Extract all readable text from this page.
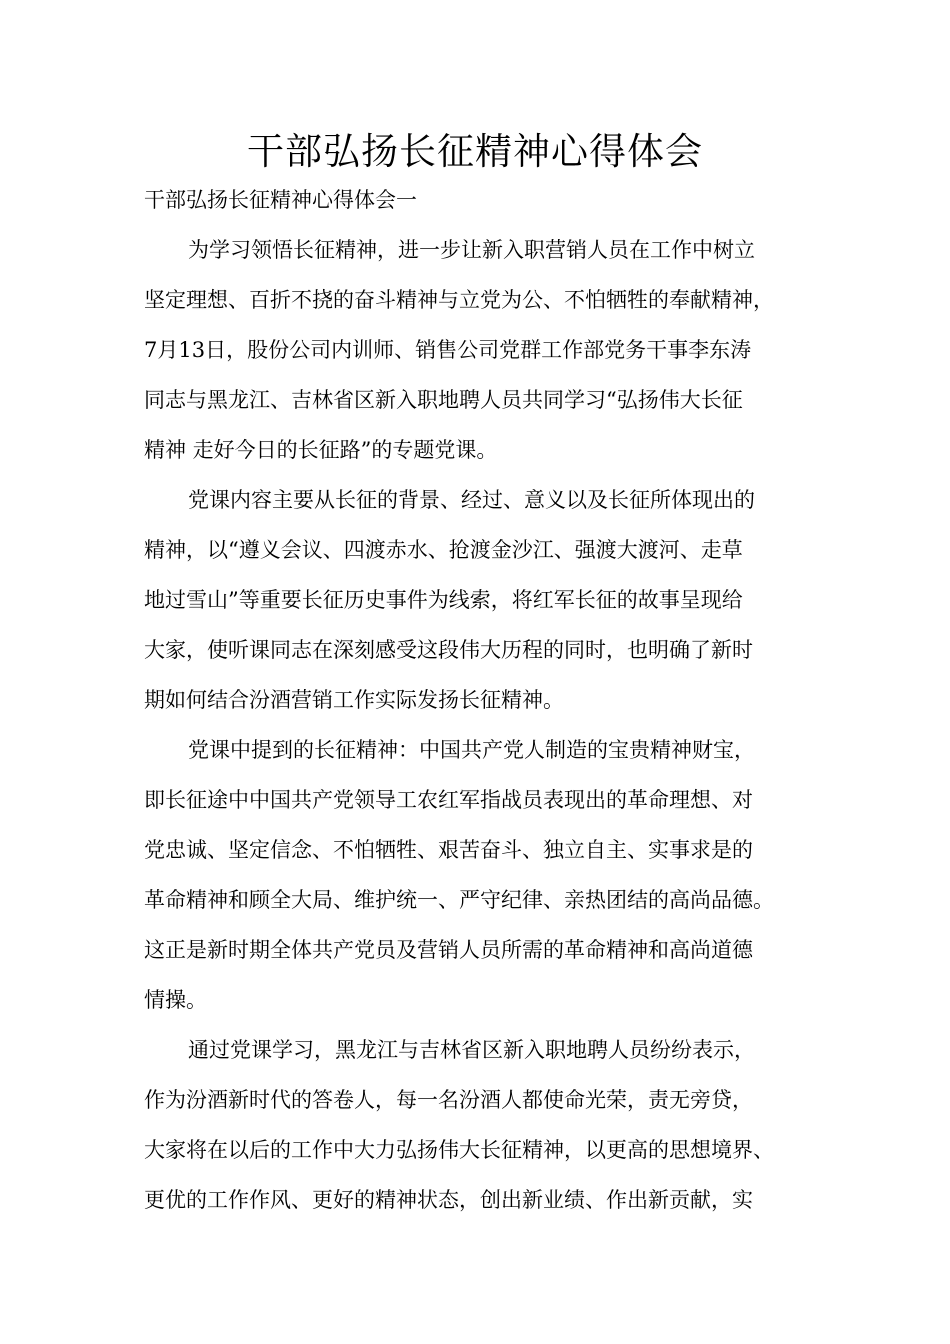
干部弘扬长征精神心得体会

干部弘扬长征精神心得体会一

为学习领悟长征精神，进一步让新入职营销人员在工作中树立

坚定理想、百折不挠的奋斗精神与立党为公、不怕牺牲的奉献精神，

7月13日，股份公司内训师、销售公司党群工作部党务干事李东涛

同志与黑龙江、吉林省区新入职地聘人员共同学习“弘扬伟大长征

精神 走好今日的长征路”的专题党课。

党课内容主要从长征的背景、经过、意义以及长征所体现出的

精神，以“遵义会议、四渡赤水、抢渡金沙江、强渡大渡河、走草

地过雪山”等重要长征历史事件为线索，将红军长征的故事呈现给

大家，使听课同志在深刻感受这段伟大历程的同时，也明确了新时

期如何结合汾酒营销工作实际发扬长征精神。

党课中提到的长征精神：中国共产党人制造的宝贵精神财宝，

即长征途中中国共产党领导工农红军指战员表现出的革命理想、对

党忠诚、坚定信念、不怕牺牲、艰苦奋斗、独立自主、实事求是的

革命精神和顾全大局、维护统一、严守纪律、亲热团结的高尚品德。

这正是新时期全体共产党员及营销人员所需的革命精神和高尚道德

情操。

通过党课学习，黑龙江与吉林省区新入职地聘人员纷纷表示，

作为汾酒新时代的答卷人，每一名汾酒人都使命光荣，责无旁贷，

大家将在以后的工作中大力弘扬伟大长征精神，以更高的思想境界、

更优的工作作风、更好的精神状态，创出新业绩、作出新贡献，实
